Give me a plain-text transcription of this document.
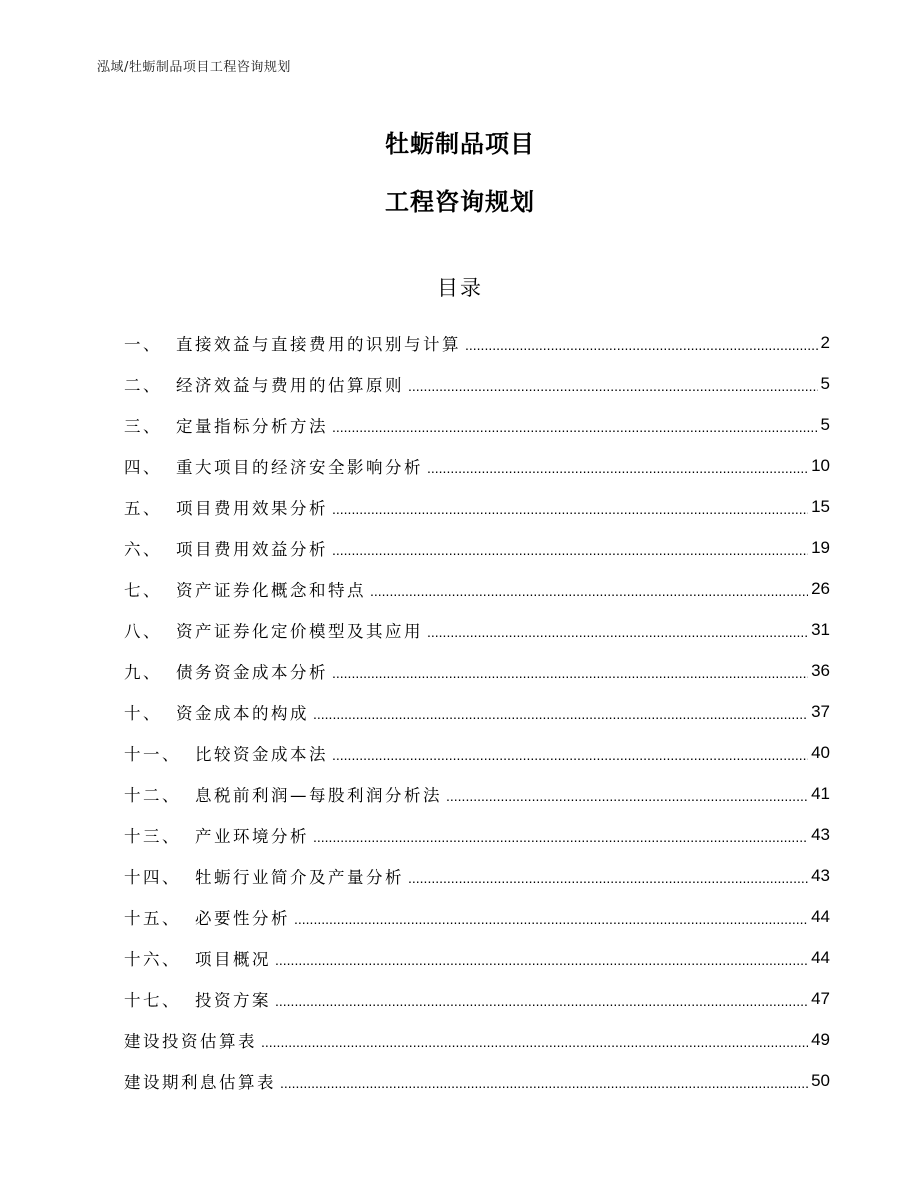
泓域/牡蛎制品项目工程咨询规划
牡蛎制品项目
工程咨询规划
目录
一 、 直接效益与直接费用的识别与计算 .....	2
二 、 经济效益与费用的估算原则 .....	5
三 、 定量指标分析方法 .....	5
四 、 重大项目的经济安全影响分析 .....	10
五 、 项目费用效果分析 .....	15
六 、 项目费用效益分析 .....	19
七 、 资产证券化概念和特点 .....	26
八 、 资产证券化定价模型及其应用 .....	31
九 、 债务资金成本分析 .....	36
十 、 资金成本的构成 .....	37
十一 、 比较资金成本法 .....	40
十二 、 息税前利润—每股利润分析法 .....	41
十三 、 产业环境分析 .....	43
十四 、 牡蛎行业简介及产量分析 .....	43
十五 、 必要性分析 .....	44
十六 、 项目概况 .....	44
十七 、 投资方案 .....	47
建设投资估算表 .....	49
建设期利息估算表 .....	50
